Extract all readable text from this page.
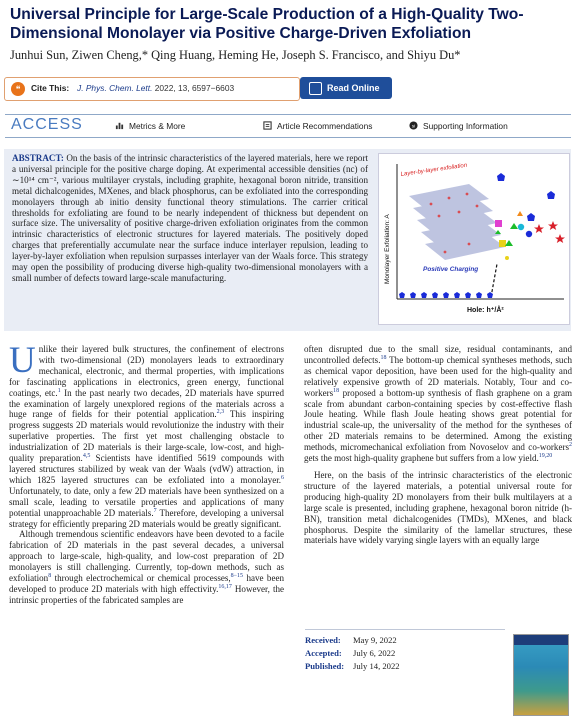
Universal Principle for Large-Scale Production of a High-Quality Two-Dimensional Monolayer via Positive Charge-Driven Exfoliation
Junhui Sun, Ziwen Cheng,* Qing Huang, Heming He, Joseph S. Francisco, and Shiyu Du*
❝	Cite This: J. Phys. Chem. Lett. 2022, 13, 6597−6603	Read Online
ACCESS	Metrics & More	Article Recommendations	si Supporting Information
ABSTRACT: On the basis of the intrinsic characteristics of the layered materials, here we report a universal principle for the positive charge doping. At experimental accessible densities (nc) of ∼10¹⁴ cm⁻², various multilayer crystals, including graphite, hexagonal boron nitride, transition metal dichalcogenides, MXenes, and black phosphorus, can be exfoliated into the corresponding monolayers through ab initio density functional theory stimulations. The carrier critical thresholds for exfoliating are found to be nearly independent of thickness but dependent on surface size. The universality of positive charge-driven exfoliation originates from the common intrinsic characteristics of electronic structures for layered materials. The positively doped charges that preferentially accumulate near the surface induce interlayer repulsion, leading to layer-by-layer exfoliation when repulsion surpasses interlayer van der Waals force. This strategy may open the possibility of producing diverse high-quality two-dimensional monolayers with a small number of defects toward large-scale manufacturing.	Monolayer Exfoliation: A
Hole: h⁺/Å²
Layer-by-layer exfoliation
Positive Charging

Unlike their layered bulk structures, the confinement of electrons with two-dimensional (2D) monolayers leads to extraordinary mechanical, electronic, and thermal properties, with implications for fascinating applications in electronics, green energy, functional coatings, etc.$^1$ In the past nearly two decades, 2D materials have spurred the examination of largely unexplored regions of the materials across a huge range of fields for their potential application.$^{2,3}$ This inspiring progress suggests 2D materials would revolutionize the industry with their superlative properties. The first yet most challenging obstacle to industrialization of 2D materials is their large-scale, low-cost, and high-quality preparation.$^{4,5}$ Scientists have identified 5619 compounds with layered structures stabilized by weak van der Waals (vdW) attraction, in which 1825 layered structures can be exfoliated into a monolayer.$^6$ Unfortunately, to date, only a few 2D materials have been synthesized on a small scale, leading to versatile properties and applications of many potential unapproachable 2D materials.$^7$ Therefore, developing a universal strategy for efficiently preparing 2D materials would be greatly significant.

Although tremendous scientific endeavors have been devoted to a facile fabrication of 2D materials in the past several decades, a universal approach to large-scale, high-quality, and low-cost preparation of 2D monolayers is still challenging. Currently, top-down methods, such as exfoliation$^8$ through electrochemical or chemical processes,$^{8-15}$ have been developed to produce 2D materials with high effectivity.$^{16,17}$ However, the intrinsic properties of the fabricated samples are

often disrupted due to the small size, residual contaminants, and uncontrolled defects.$^{18}$ The bottom-up chemical syntheses methods, such as chemical vapor deposition, have been used for the high-quality and relatively expensive growth of 2D materials. Notably, Tour and co-workers$^{18}$ proposed a bottom-up synthesis of flash graphene on a gram scale from abundant carbon-containing species by cost-effective flash Joule heating. While flash Joule heating shows great potential for industrial scale-up, the universality of the method for the syntheses of other 2D materials remains to be determined. Among the existing methods, micromechanical exfoliation from Novoselov and co-workers$^2$ gets the most high-quality graphene but suffers from a low yield.$^{19,20}$

Here, on the basis of the intrinsic characteristics of the electronic structure of the layered materials, a potential universal route for producing high-quality 2D monolayers from their bulk multilayers at a large scale is presented, including graphene, hexagonal boron nitride (h-BN), transition metal dichalcogenides (TMDs), MXenes, and black phosphorus. Despite the similarity of the lamellar structures, these materials have widely varying single layers with an equally large

Received: May 9, 2022
Accepted: July 6, 2022
Published: July 14, 2022
